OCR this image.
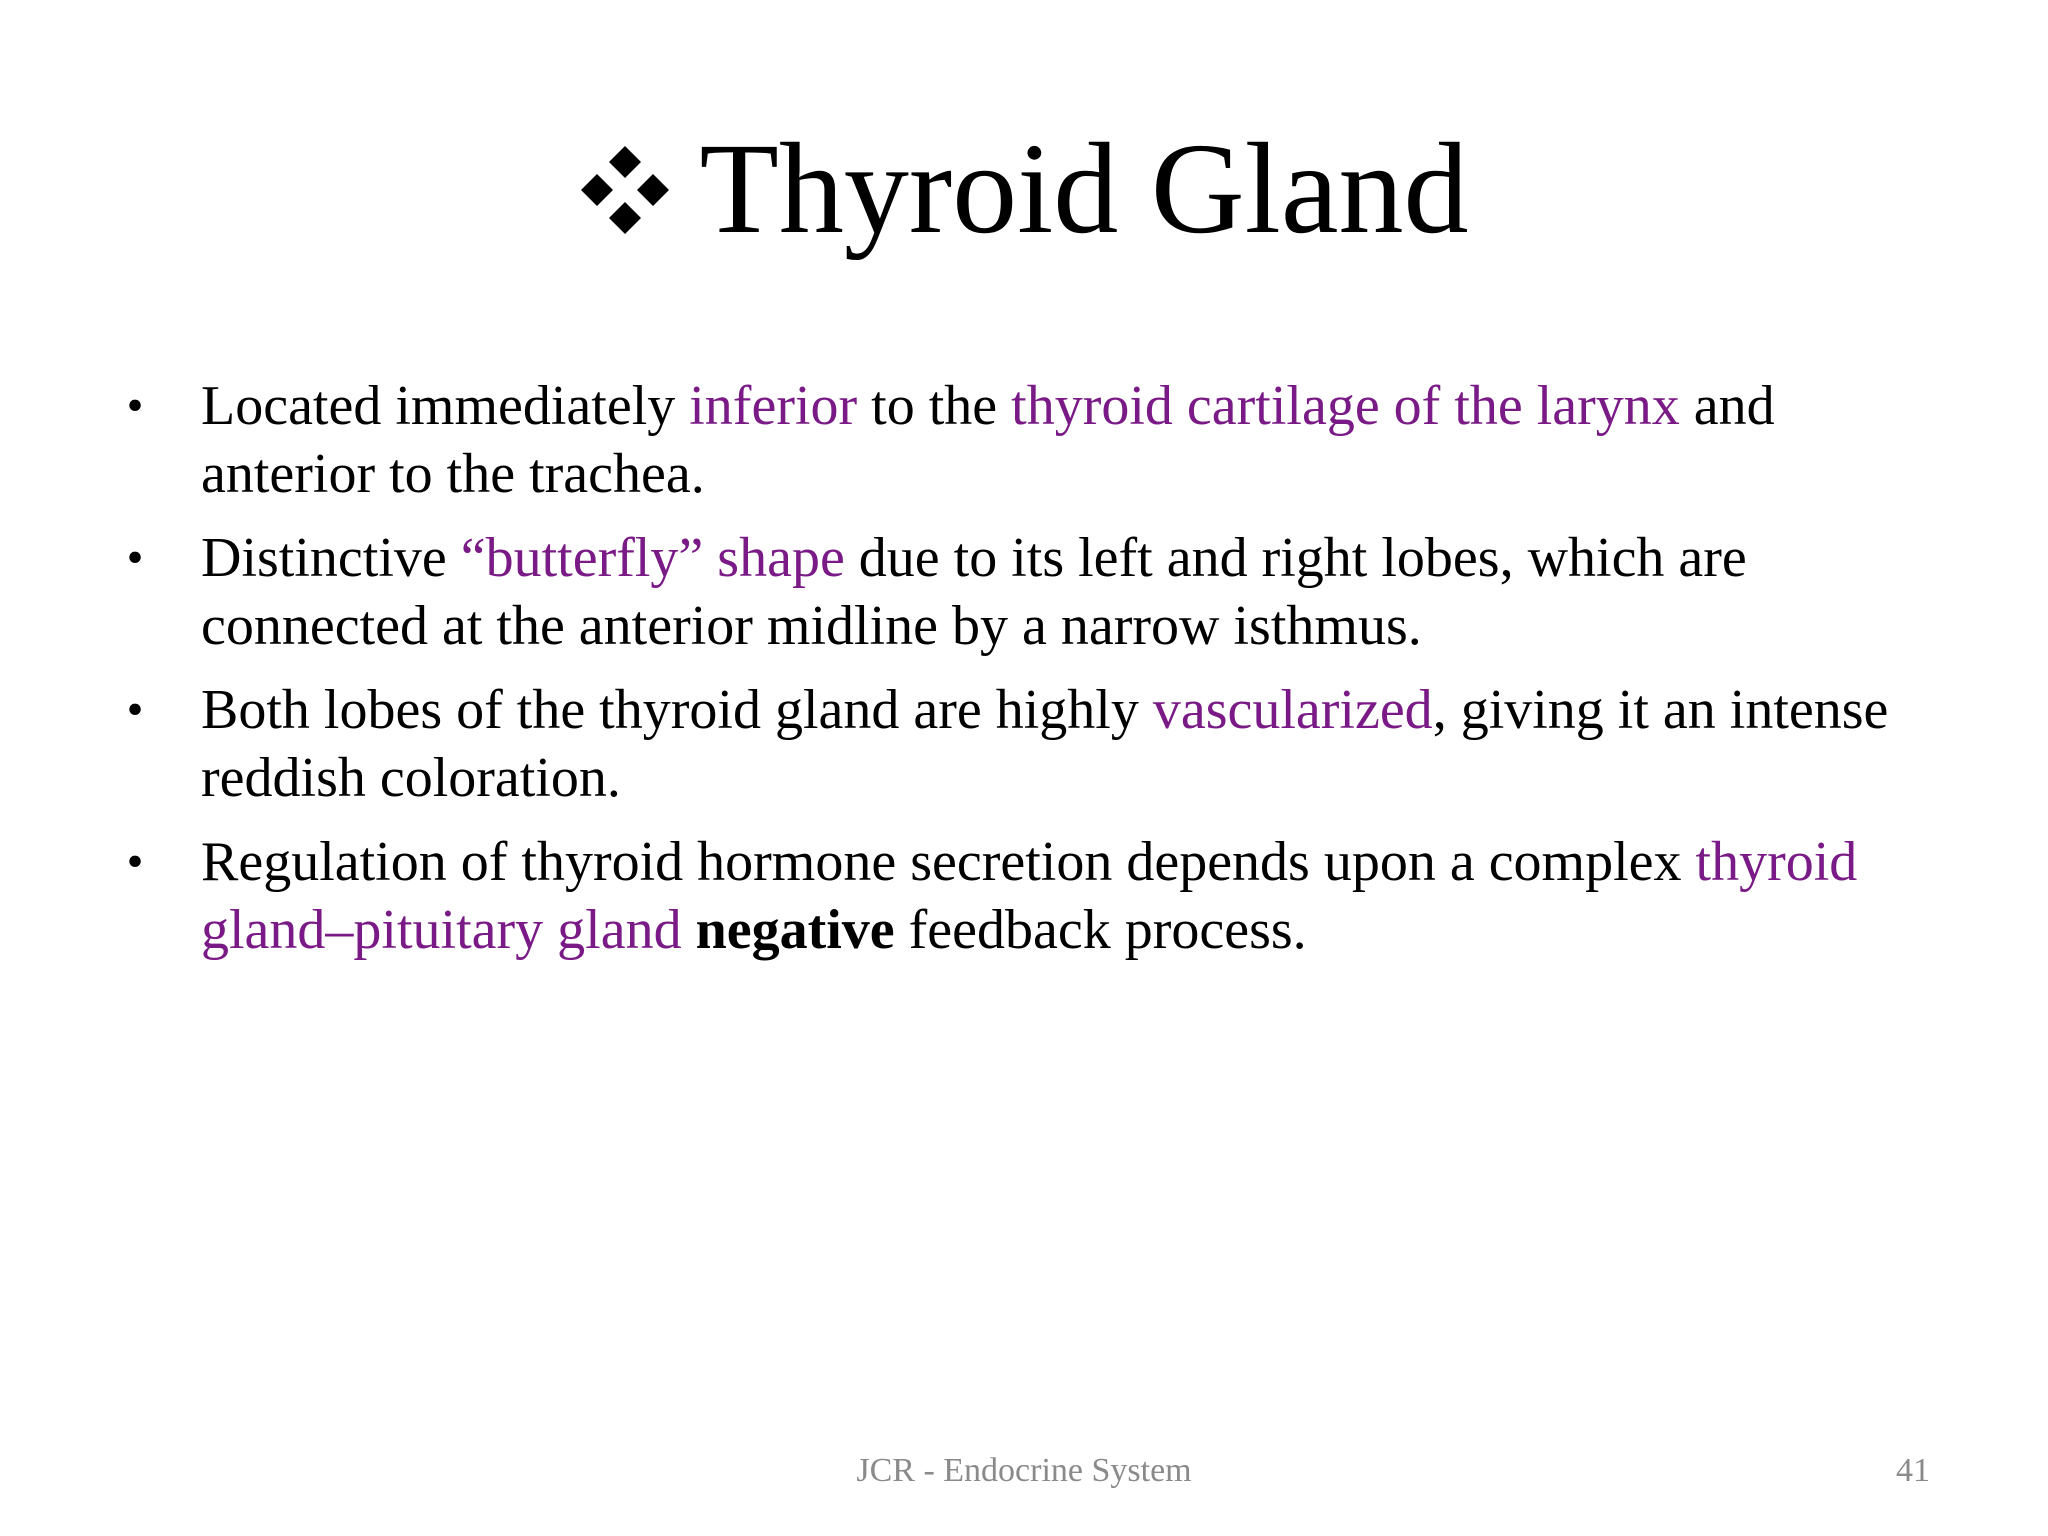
Thyroid Gland
• Located immediately inferior to the thyroid cartilage of the larynx and anterior to the trachea.
• Distinctive “butterfly” shape due to its left and right lobes, which are connected at the anterior midline by a narrow isthmus.
• Both lobes of the thyroid gland are highly vascularized, giving it an intense reddish coloration.
• Regulation of thyroid hormone secretion depends upon a complex thyroid gland–pituitary gland negative feedback process.
JCR - Endocrine System	41
